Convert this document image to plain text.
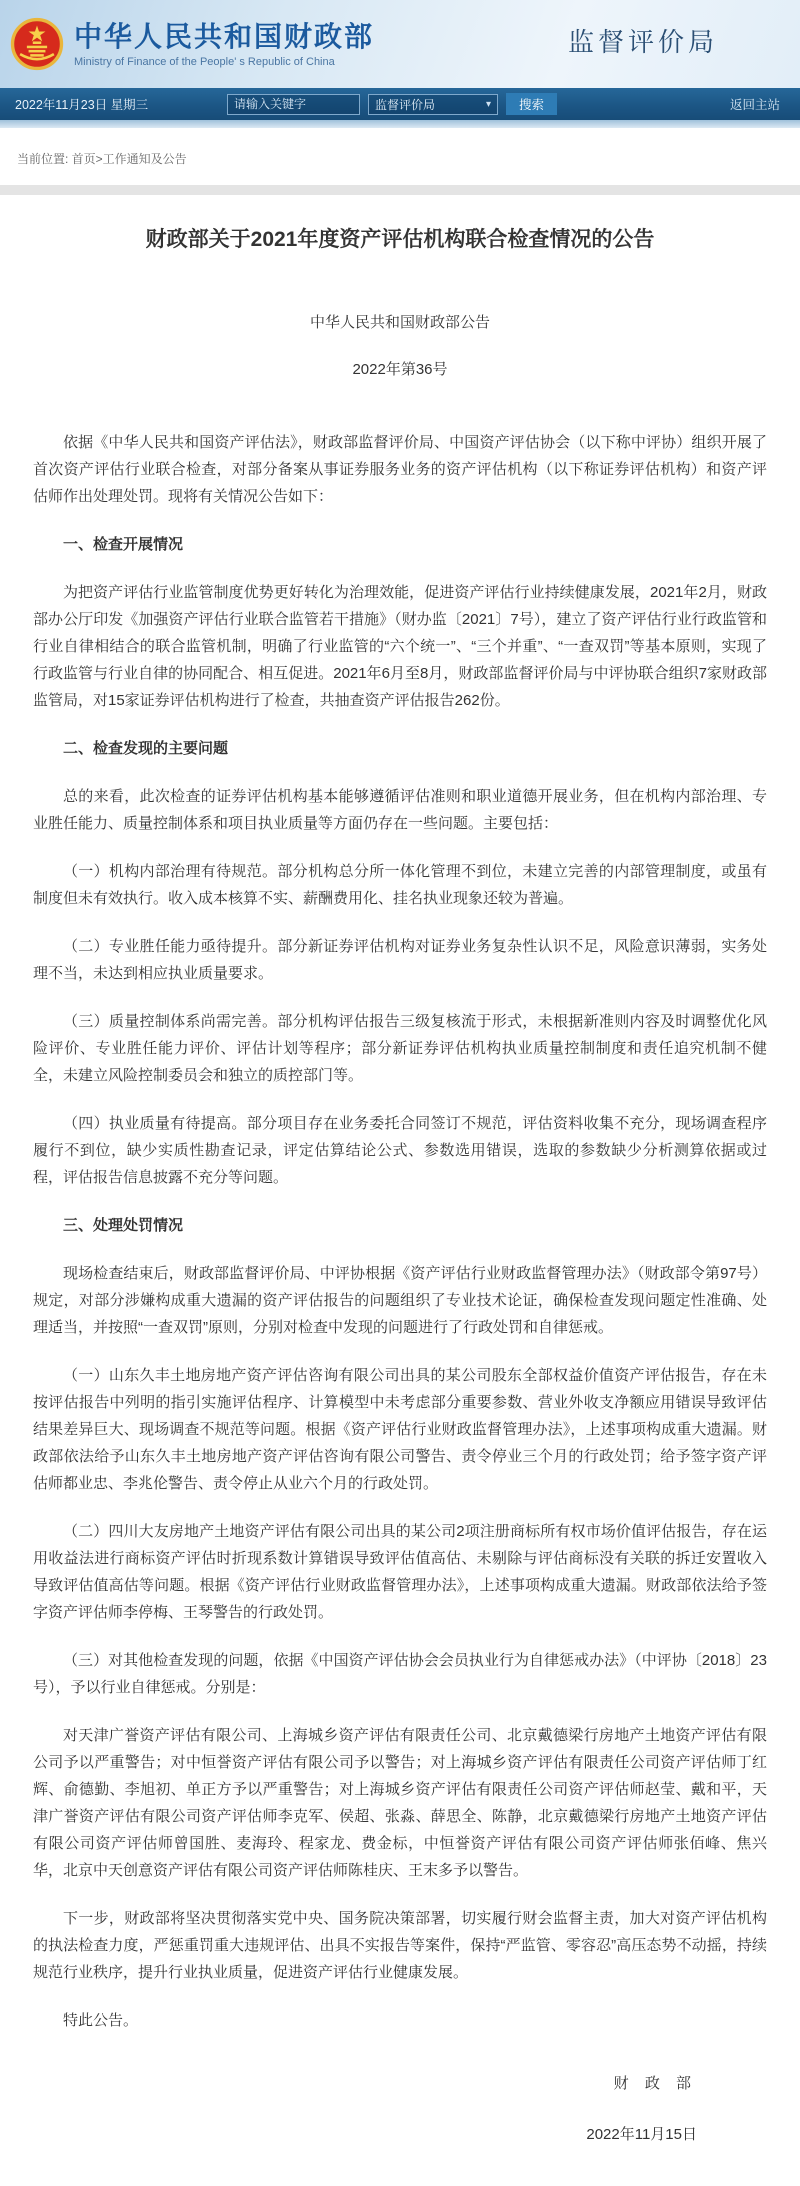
中华人民共和国财政部
Ministry of Finance of the People' s Republic of China
监督评价局
2022年11月23日 星期三
请输入关键字	监督评价局	▾	搜索	返回主站
当前位置: 首页>工作通知及公告
财政部关于2021年度资产评估机构联合检查情况的公告
中华人民共和国财政部公告
2022年第36号

依据《中华人民共和国资产评估法》，财政部监督评价局、中国资产评估协会（以下称中评协）组织开展了首次资产评估行业联合检查，对部分备案从事证券服务业务的资产评估机构（以下称证券评估机构）和资产评估师作出处理处罚。现将有关情况公告如下：

一、检查开展情况

为把资产评估行业监管制度优势更好转化为治理效能，促进资产评估行业持续健康发展，2021年2月，财政部办公厅印发《加强资产评估行业联合监管若干措施》（财办监〔2021〕7号），建立了资产评估行业行政监管和行业自律相结合的联合监管机制，明确了行业监管的“六个统一”、“三个并重”、“一查双罚”等基本原则，实现了行政监管与行业自律的协同配合、相互促进。2021年6月至8月，财政部监督评价局与中评协联合组织7家财政部监管局，对15家证券评估机构进行了检查，共抽查资产评估报告262份。

二、检查发现的主要问题

总的来看，此次检查的证券评估机构基本能够遵循评估准则和职业道德开展业务，但在机构内部治理、专业胜任能力、质量控制体系和项目执业质量等方面仍存在一些问题。主要包括：

（一）机构内部治理有待规范。部分机构总分所一体化管理不到位，未建立完善的内部管理制度，或虽有制度但未有效执行。收入成本核算不实、薪酬费用化、挂名执业现象还较为普遍。

（二）专业胜任能力亟待提升。部分新证券评估机构对证券业务复杂性认识不足，风险意识薄弱，实务处理不当，未达到相应执业质量要求。

（三）质量控制体系尚需完善。部分机构评估报告三级复核流于形式，未根据新准则内容及时调整优化风险评价、专业胜任能力评价、评估计划等程序；部分新证券评估机构执业质量控制制度和责任追究机制不健全，未建立风险控制委员会和独立的质控部门等。

（四）执业质量有待提高。部分项目存在业务委托合同签订不规范，评估资料收集不充分，现场调查程序履行不到位，缺少实质性勘查记录，评定估算结论公式、参数选用错误，选取的参数缺少分析测算依据或过程，评估报告信息披露不充分等问题。

三、处理处罚情况

现场检查结束后，财政部监督评价局、中评协根据《资产评估行业财政监督管理办法》（财政部令第97号）规定，对部分涉嫌构成重大遗漏的资产评估报告的问题组织了专业技术论证，确保检查发现问题定性准确、处理适当，并按照“一查双罚”原则，分别对检查中发现的问题进行了行政处罚和自律惩戒。

（一）山东久丰土地房地产资产评估咨询有限公司出具的某公司股东全部权益价值资产评估报告，存在未按评估报告中列明的指引实施评估程序、计算模型中未考虑部分重要参数、营业外收支净额应用错误导致评估结果差异巨大、现场调查不规范等问题。根据《资产评估行业财政监督管理办法》，上述事项构成重大遗漏。财政部依法给予山东久丰土地房地产资产评估咨询有限公司警告、责令停业三个月的行政处罚；给予签字资产评估师都业忠、李兆伦警告、责令停止从业六个月的行政处罚。

（二）四川大友房地产土地资产评估有限公司出具的某公司2项注册商标所有权市场价值评估报告，存在运用收益法进行商标资产评估时折现系数计算错误导致评估值高估、未剔除与评估商标没有关联的拆迁安置收入导致评估值高估等问题。根据《资产评估行业财政监督管理办法》，上述事项构成重大遗漏。财政部依法给予签字资产评估师李停梅、王琴警告的行政处罚。

（三）对其他检查发现的问题，依据《中国资产评估协会会员执业行为自律惩戒办法》（中评协〔2018〕23号），予以行业自律惩戒。分别是：

对天津广誉资产评估有限公司、上海城乡资产评估有限责任公司、北京戴德梁行房地产土地资产评估有限公司予以严重警告；对中恒誉资产评估有限公司予以警告；对上海城乡资产评估有限责任公司资产评估师丁红辉、俞德勤、李旭初、单正方予以严重警告；对上海城乡资产评估有限责任公司资产评估师赵莹、戴和平，天津广誉资产评估有限公司资产评估师李克军、侯超、张淼、薛思全、陈静，北京戴德梁行房地产土地资产评估有限公司资产评估师曾国胜、麦海玲、程家龙、费金标，中恒誉资产评估有限公司资产评估师张佰峰、焦兴华，北京中天创意资产评估有限公司资产评估师陈桂庆、王末多予以警告。

下一步，财政部将坚决贯彻落实党中央、国务院决策部署，切实履行财会监督主责，加大对资产评估机构的执法检查力度，严惩重罚重大违规评估、出具不实报告等案件，保持“严监管、零容忍”高压态势不动摇，持续规范行业秩序，提升行业执业质量，促进资产评估行业健康发展。

特此公告。

财 政 部
2022年11月15日
